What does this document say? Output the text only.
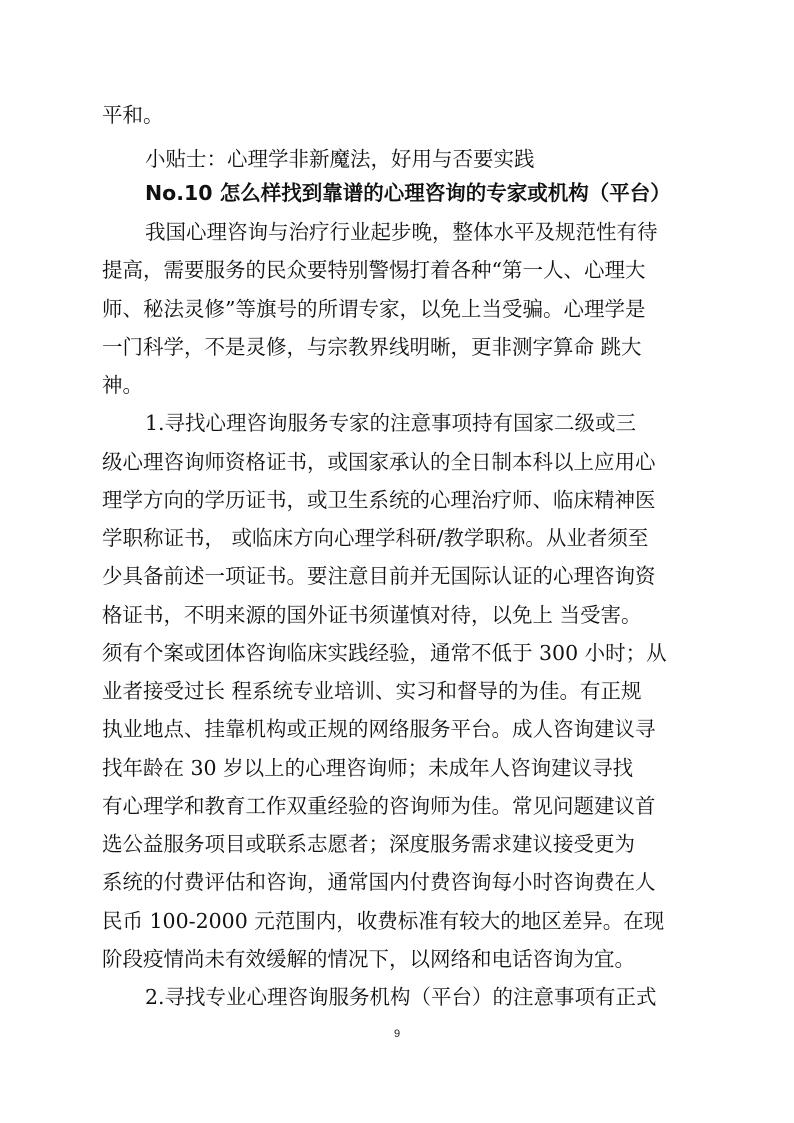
平和。
小贴士：心理学非新魔法，好用与否要实践
No.10 怎么样找到靠谱的心理咨询的专家或机构（平台）
我国心理咨询与治疗行业起步晚，整体水平及规范性有待
提高，需要服务的民众要特别警惕打着各种“第一人、心理大
师、秘法灵修”等旗号的所谓专家，以免上当受骗。心理学是
一门科学，不是灵修，与宗教界线明晰，更非测字算命 跳大
神。
1.寻找心理咨询服务专家的注意事项持有国家二级或三
级心理咨询师资格证书，或国家承认的全日制本科以上应用心
理学方向的学历证书，或卫生系统的心理治疗师、临床精神医
学职称证书， 或临床方向心理学科研/教学职称。从业者须至
少具备前述一项证书。要注意目前并无国际认证的心理咨询资
格证书，不明来源的国外证书须谨慎对待，以免上 当受害。
须有个案或团体咨询临床实践经验，通常不低于 300 小时；从
业者接受过长 程系统专业培训、实习和督导的为佳。有正规
执业地点、挂靠机构或正规的网络服务平台。成人咨询建议寻
找年龄在 30 岁以上的心理咨询师；未成年人咨询建议寻找
有心理学和教育工作双重经验的咨询师为佳。常见问题建议首
选公益服务项目或联系志愿者；深度服务需求建议接受更为
系统的付费评估和咨询，通常国内付费咨询每小时咨询费在人
民币 100-2000 元范围内，收费标准有较大的地区差异。在现
阶段疫情尚未有效缓解的情况下，以网络和电话咨询为宜。
2.寻找专业心理咨询服务机构（平台）的注意事项有正式
9
